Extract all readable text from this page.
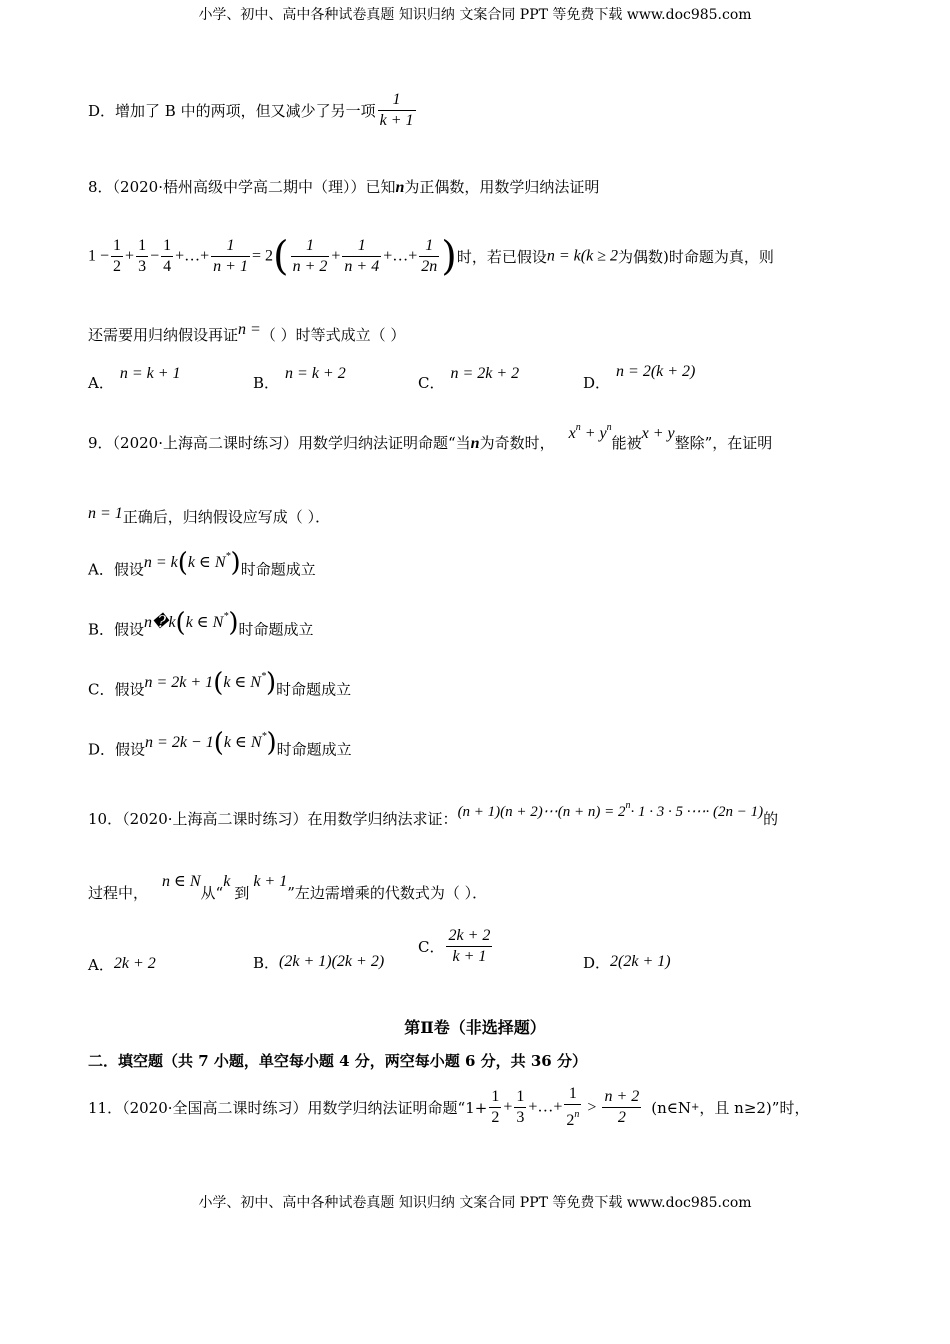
小学、初中、高中各种试卷真题 知识归纳 文案合同 PPT 等免费下载 www.doc985.com
D．增加了 B 中的两项，但又减少了另一项 $\frac{1}{k + 1}$
8．（2020·梧州高级中学高二期中（理））已知n为正偶数，用数学归纳法证明
$1 - \frac{1}{2} + \frac{1}{3} - \frac{1}{4}$ +…+ $\frac{1}{n + 1} = 2( \frac{1}{n + 2} + \frac{1}{n + 4}$ +…+ $\frac{1}{2n}$ )时，若已假设n = k(k ≥ 2为偶数)时命题为真，则
还需要用归纳假设再证n =（ ）时等式成立（ ）
A．n = k + 1
B．n = k + 2
C．n = 2k + 2
D．n = 2(k + 2)
9．（2020·上海高二课时练习）用数学归纳法证明命题“当n为奇数时，$x^n + y^n$能被x + y整除”，在证明
n = 1正确后，归纳假设应写成（ ）．
A．假设n = k(k ∈ N*)时命题成立
B．假设n�k(k ∈ N*)时命题成立
C．假设n = 2k + 1(k ∈ N*)时命题成立
D．假设n = 2k − 1(k ∈ N*)时命题成立
10．（2020·上海高二课时练习）在用数学归纳法求证：(n + 1)(n + 2)⋯(n + $n) = 2^n\cdot 1 \cdot 3 \cdot 5$ ·⋯· (2n − 1)的
过程中，n ∈ N从“k到k + 1”左边需增乘的代数式为（ ）．
A．2k + 2	B．(2k + 1)(2k + 2)
C． $\frac{2k + 2}{k + 1}$	D．2(2k + 1)
第Ⅱ卷（非选择题）
二．填空题（共 7 小题，单空每小题 4 分，两空每小题 6 分，共 36 分）
11．（2020·全国高二课时练习）用数学归纳法证明命题“$1+ \frac{1}{2} + \frac{1}{3}$ +…+ $\frac{1}{2^n} > \frac{n + 2}{2}$ (n∈N+，且 n≥2)”时，
小学、初中、高中各种试卷真题 知识归纳 文案合同 PPT 等免费下载 www.doc985.com
